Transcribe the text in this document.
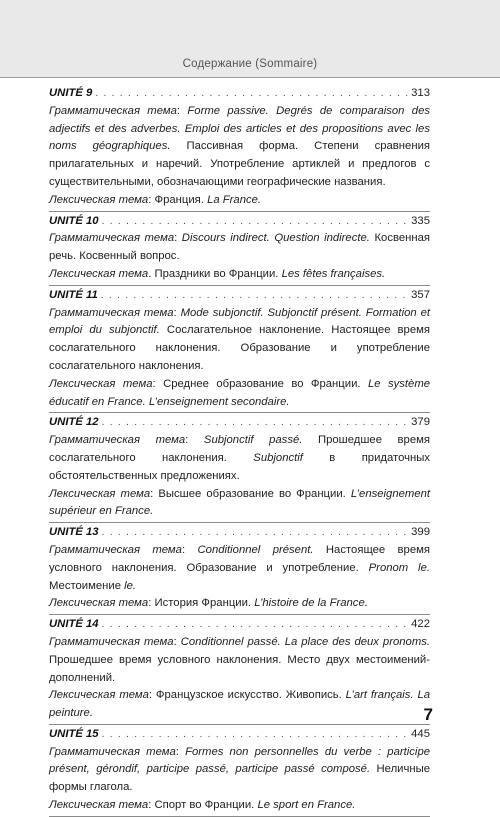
Содержание (Sommaire)
UNITÉ 9 . . .	313
Грамматическая тема: Forme passive. Degrés de comparaison des adjectifs et des adverbes. Emploi des articles et des propositions avec les noms géographiques. Пассивная форма. Степени сравнения прилагательных и наречий. Употребление артиклей и предлогов с существительными, обозначающими географические названия.
Лексическая тема: Франция. La France.
UNITÉ 10 . . .	335
Грамматическая тема: Discours indirect. Question indirecte. Косвенная речь. Косвенный вопрос.
Лексическая тема. Праздники во Франции. Les fêtes françaises.
UNITÉ 11 . . .	357
Грамматическая тема: Mode subjonctif. Subjonctif présent. Formation et emploi du subjonctif. Сослагательное наклонение. Настоящее время сослагательного наклонения. Образование и употребление сослагательного наклонения.
Лексическая тема: Среднее образование во Франции. Le système éducatif en France. L’enseignement secondaire.
UNITÉ 12 . . .	379
Грамматическая тема: Subjonctif passé. Прошедшее время сослагательного наклонения. Subjonctif в придаточных обстоятельственных предложениях.
Лексическая тема: Высшее образование во Франции. L’enseignement supérieur en France.
UNITÉ 13 . . .	399
Грамматическая тема: Conditionnel présent. Настоящее время условного наклонения. Образование и употребление. Pronom le. Местоимение le.
Лексическая тема: История Франции. L’histoire de la France.
UNITÉ 14 . . .	422
Грамматическая тема: Conditionnel passé. La place des deux pronoms. Прошедшее время условного наклонения. Место двух местоимений-дополнений.
Лексическая тема: Французское искусство. Живопись. L’art français. La peinture.
UNITÉ 15 . . .	445
Грамматическая тема: Formes non personnelles du verbe : participe présent, gérondif, participe passé, participe passé composé. Неличные формы глагола.
Лексическая тема: Спорт во Франции. Le sport en France.
7
